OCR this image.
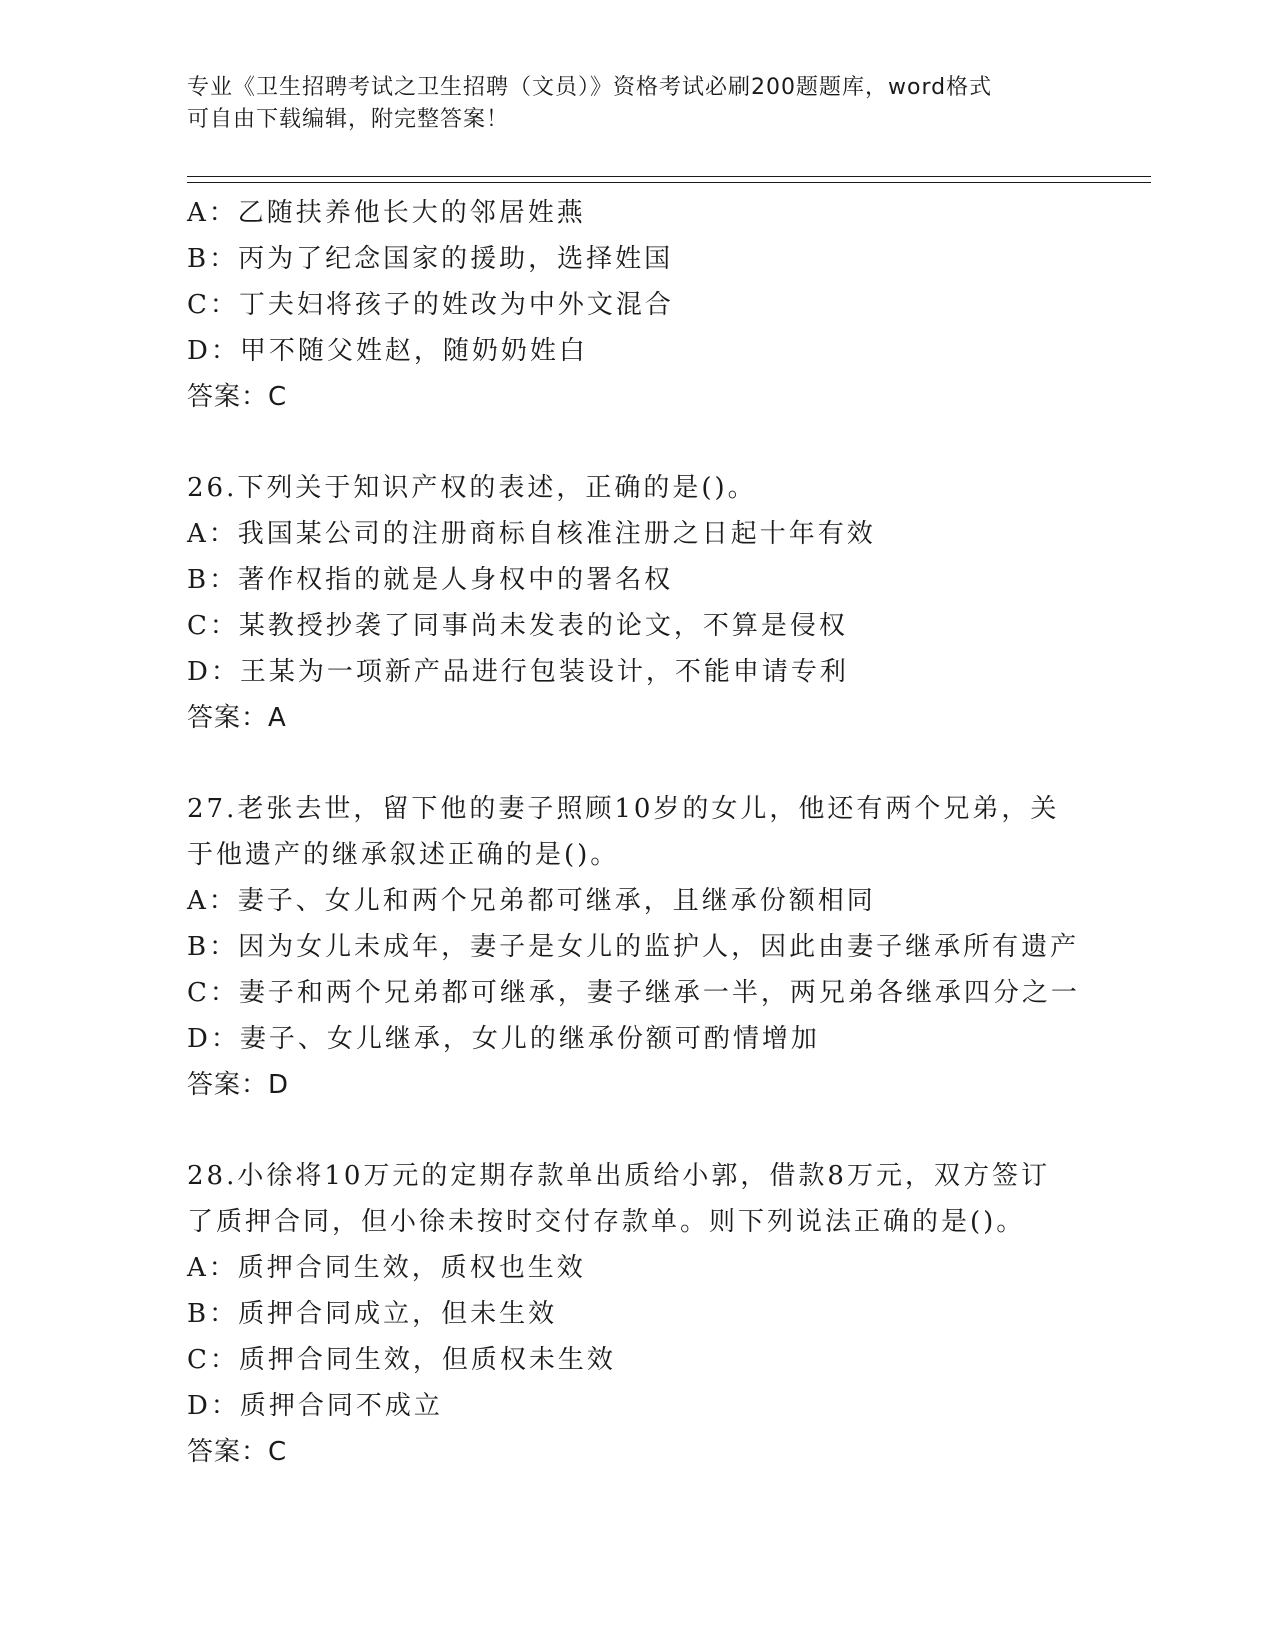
专业《卫生招聘考试之卫生招聘（文员）》资格考试必刷200题题库，word格式
可自由下载编辑，附完整答案！
A：乙随扶养他长大的邻居姓燕
B：丙为了纪念国家的援助，选择姓国
C：丁夫妇将孩子的姓改为中外文混合
D：甲不随父姓赵，随奶奶姓白
答案：C
26.下列关于知识产权的表述，正确的是()。
A：我国某公司的注册商标自核准注册之日起十年有效
B：著作权指的就是人身权中的署名权
C：某教授抄袭了同事尚未发表的论文，不算是侵权
D：王某为一项新产品进行包装设计，不能申请专利
答案：A
27.老张去世，留下他的妻子照顾10岁的女儿，他还有两个兄弟，关
于他遗产的继承叙述正确的是()。
A：妻子、女儿和两个兄弟都可继承，且继承份额相同
B：因为女儿未成年，妻子是女儿的监护人，因此由妻子继承所有遗产
C：妻子和两个兄弟都可继承，妻子继承一半，两兄弟各继承四分之一
D：妻子、女儿继承，女儿的继承份额可酌情增加
答案：D
28.小徐将10万元的定期存款单出质给小郭，借款8万元，双方签订
了质押合同，但小徐未按时交付存款单。则下列说法正确的是()。
A：质押合同生效，质权也生效
B：质押合同成立，但未生效
C：质押合同生效，但质权未生效
D：质押合同不成立
答案：C
